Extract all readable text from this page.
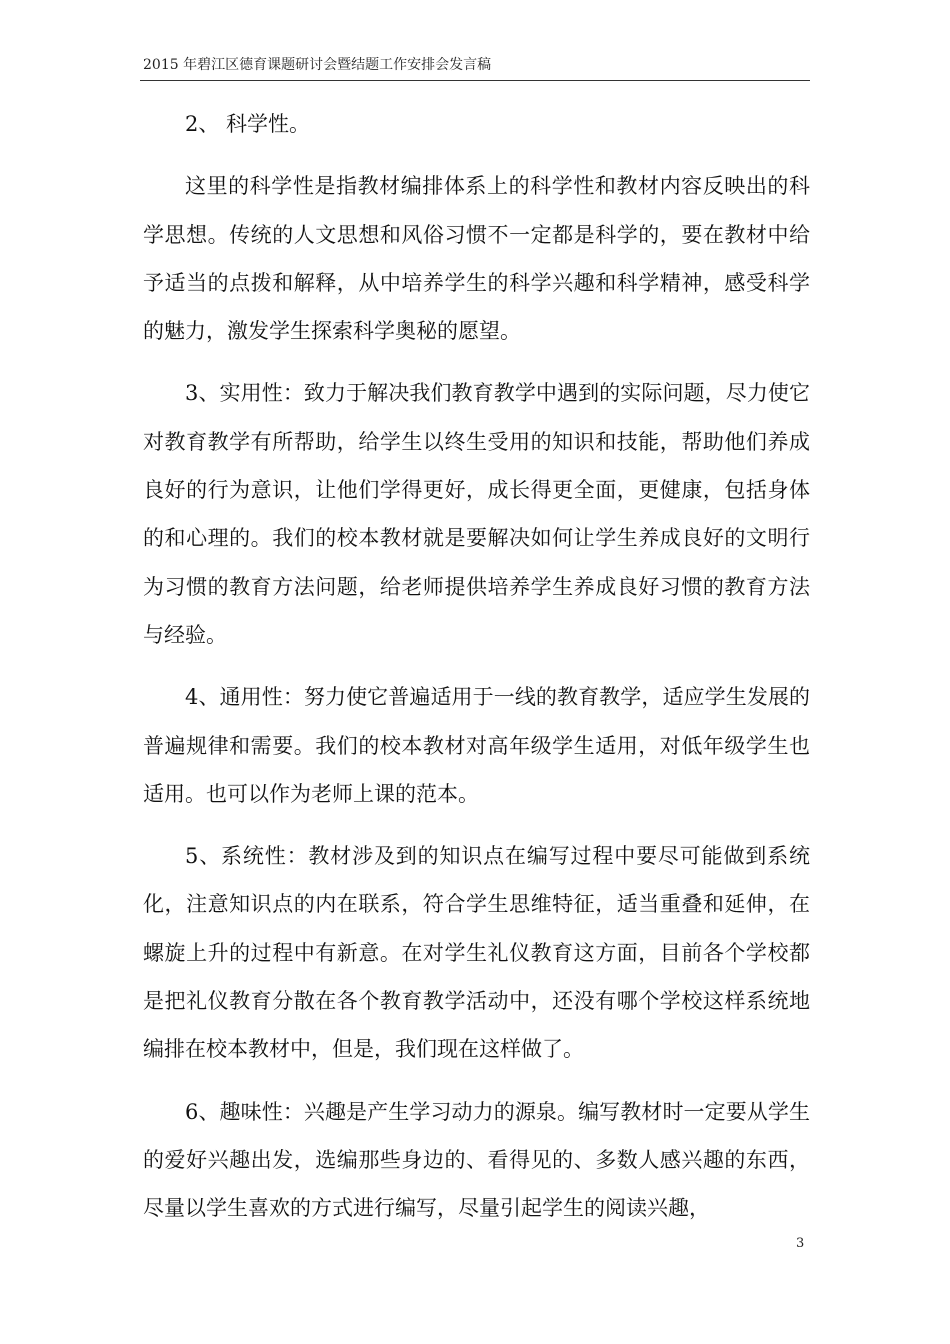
2015 年碧江区德育课题研讨会暨结题工作安排会发言稿

2、 科学性。

这里的科学性是指教材编排体系上的科学性和教材内容反映出的科学思想。传统的人文思想和风俗习惯不一定都是科学的，要在教材中给予适当的点拨和解释，从中培养学生的科学兴趣和科学精神，感受科学的魅力，激发学生探索科学奥秘的愿望。

3、实用性：致力于解决我们教育教学中遇到的实际问题，尽力使它对教育教学有所帮助，给学生以终生受用的知识和技能，帮助他们养成良好的行为意识，让他们学得更好，成长得更全面，更健康，包括身体的和心理的。我们的校本教材就是要解决如何让学生养成良好的文明行为习惯的教育方法问题，给老师提供培养学生养成良好习惯的教育方法与经验。

4、通用性：努力使它普遍适用于一线的教育教学，适应学生发展的普遍规律和需要。我们的校本教材对高年级学生适用，对低年级学生也适用。也可以作为老师上课的范本。

5、系统性：教材涉及到的知识点在编写过程中要尽可能做到系统化，注意知识点的内在联系，符合学生思维特征，适当重叠和延伸，在螺旋上升的过程中有新意。在对学生礼仪教育这方面，目前各个学校都是把礼仪教育分散在各个教育教学活动中，还没有哪个学校这样系统地编排在校本教材中，但是，我们现在这样做了。

6、趣味性：兴趣是产生学习动力的源泉。编写教材时一定要从学生的爱好兴趣出发，选编那些身边的、看得见的、多数人感兴趣的东西，尽量以学生喜欢的方式进行编写，尽量引起学生的阅读兴趣，

3
